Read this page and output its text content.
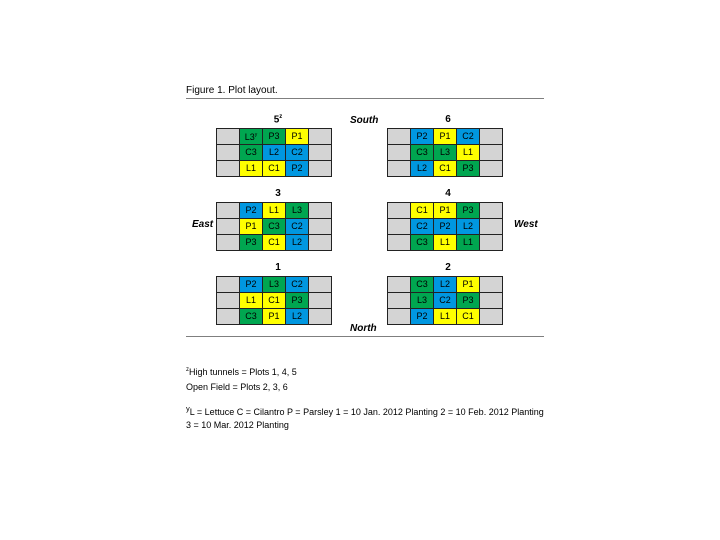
Figure 1. Plot layout.
South
East	West
North
5$^z$
	L3$^y$	P3	P1	
	C3	L2	C2	
	L1	C1	P2	
6
	P2	P1	C2	
	C3	L3	L1	
	L2	C1	P3	
3
	P2	L1	L3	
	P1	C3	C2	
	P3	C1	L2	
4
	C1	P1	P3	
	C2	P2	L2	
	C3	L1	L1	
1
	P2	L3	C2	
	L1	C1	P3	
	C3	P1	L2	
2
	C3	L2	P1	
	L3	C2	P3	
	P2	L1	C1	
$^z$High tunnels = Plots 1, 4, 5
Open Field = Plots 2, 3, 6
$^y$L = Lettuce C = Cilantro P = Parsley 1 = 10 Jan. 2012 Planting 2 = 10 Feb. 2012 Planting 3 = 10 Mar. 2012 Planting
